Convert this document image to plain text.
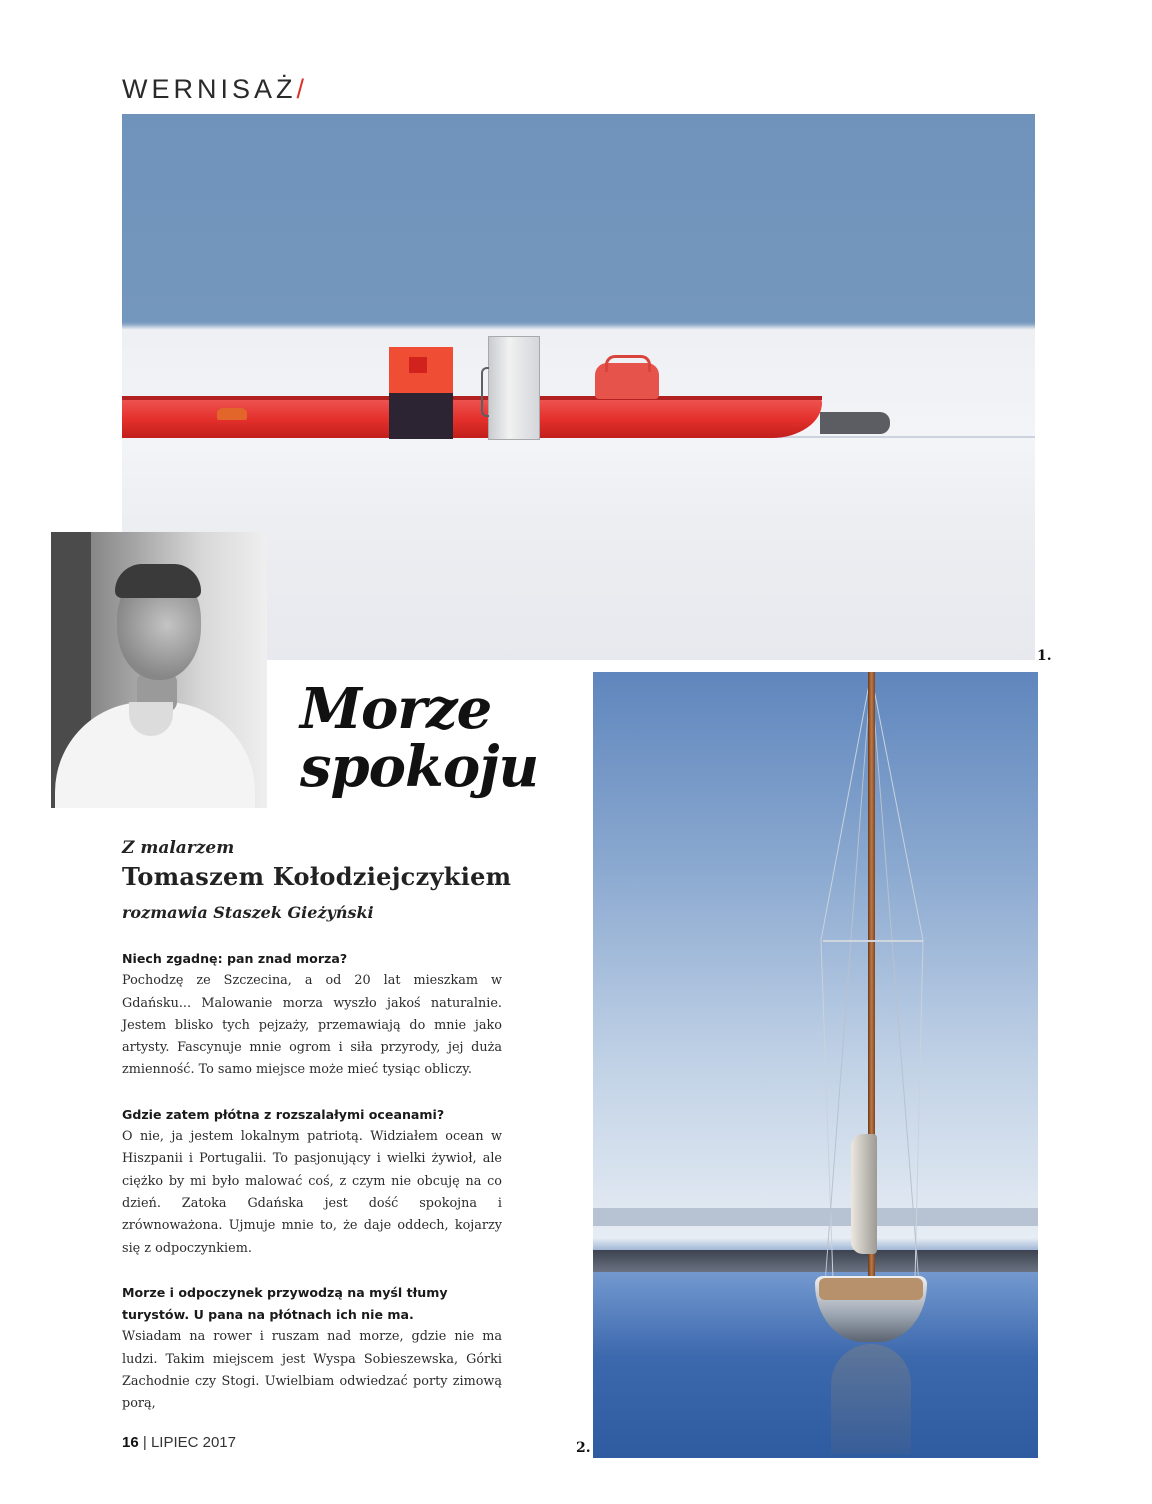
WERNISAŻ/
1.
Morze
spokoju
Z malarzem
Tomaszem Kołodziejczykiem
rozmawia Staszek Gieżyński
Niech zgadnę: pan znad morza?
Pochodzę ze Szczecina, a od 20 lat mieszkam w Gdańsku... Malowanie morza wyszło jakoś naturalnie. Jestem blisko tych pejzaży, przemawiają do mnie jako artysty. Fascynuje mnie ogrom i siła przyrody, jej duża zmienność. To samo miejsce może mieć tysiąc obliczy.
Gdzie zatem płótna z rozszalałymi oceanami?
O nie, ja jestem lokalnym patriotą. Widziałem ocean w Hiszpanii i Portugalii. To pasjonujący i wielki żywioł, ale ciężko by mi było malować coś, z czym nie obcuję na co dzień. Zatoka Gdańska jest dość spokojna i zrównoważona. Ujmuje mnie to, że daje oddech, kojarzy się z odpoczynkiem.
Morze i odpoczynek przywodzą na myśl tłumy turystów. U pana na płótnach ich nie ma.
Wsiadam na rower i ruszam nad morze, gdzie nie ma ludzi. Takim miejscem jest Wyspa Sobieszewska, Górki Zachodnie czy Stogi. Uwielbiam odwiedzać porty zimową porą,
16 | LIPIEC 2017	2.
